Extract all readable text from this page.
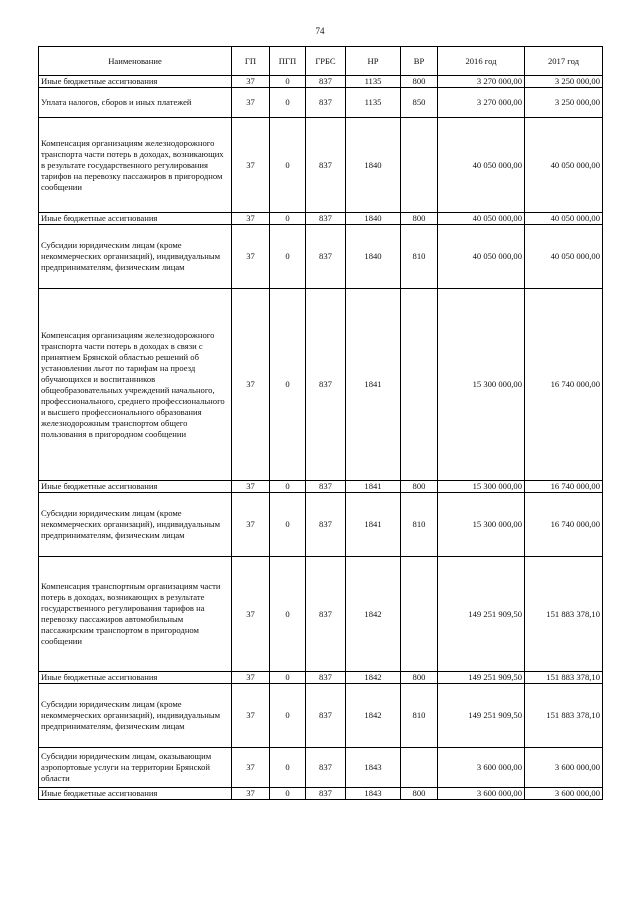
74
Наименование	ГП	ПГП	ГРБС	НР	ВР	2016 год	2017 год
Иные бюджетные ассигнования	37	0	837	1135	800	3 270 000,00	3 250 000,00
Уплата налогов, сборов и иных платежей	37	0	837	1135	850	3 270 000,00	3 250 000,00
Компенсация организациям железнодорожного транспорта части потерь в доходах, возникающих в результате государственного регулирования тарифов на перевозку пассажиров в пригородном сообщении	37	0	837	1840		40 050 000,00	40 050 000,00
Иные бюджетные ассигнования	37	0	837	1840	800	40 050 000,00	40 050 000,00
Субсидии юридическим лицам (кроме некоммерческих организаций), индивидуальным предпринимателям, физическим лицам	37	0	837	1840	810	40 050 000,00	40 050 000,00
Компенсация организациям железнодорожного транспорта части потерь в доходах в связи с принятием Брянской областью решений об установлении льгот по тарифам на проезд обучающихся и воспитанников общеобразовательных учреждений начального, профессионального, среднего профессионального и высшего профессионального образования железнодорожным транспортом общего пользования в пригородном сообщении	37	0	837	1841		15 300 000,00	16 740 000,00
Иные бюджетные ассигнования	37	0	837	1841	800	15 300 000,00	16 740 000,00
Субсидии юридическим лицам (кроме некоммерческих организаций), индивидуальным предпринимателям, физическим лицам	37	0	837	1841	810	15 300 000,00	16 740 000,00
Компенсация транспортным организациям части потерь в доходах, возникающих в результате государственного регулирования тарифов на перевозку пассажиров автомобильным пассажирским транспортом в пригородном сообщении	37	0	837	1842		149 251 909,50	151 883 378,10
Иные бюджетные ассигнования	37	0	837	1842	800	149 251 909,50	151 883 378,10
Субсидии юридическим лицам (кроме некоммерческих организаций), индивидуальным предпринимателям, физическим лицам	37	0	837	1842	810	149 251 909,50	151 883 378,10
Субсидии юридическим лицам, оказывающим аэропортовые услуги на территории Брянской области	37	0	837	1843		3 600 000,00	3 600 000,00
Иные бюджетные ассигнования	37	0	837	1843	800	3 600 000,00	3 600 000,00
